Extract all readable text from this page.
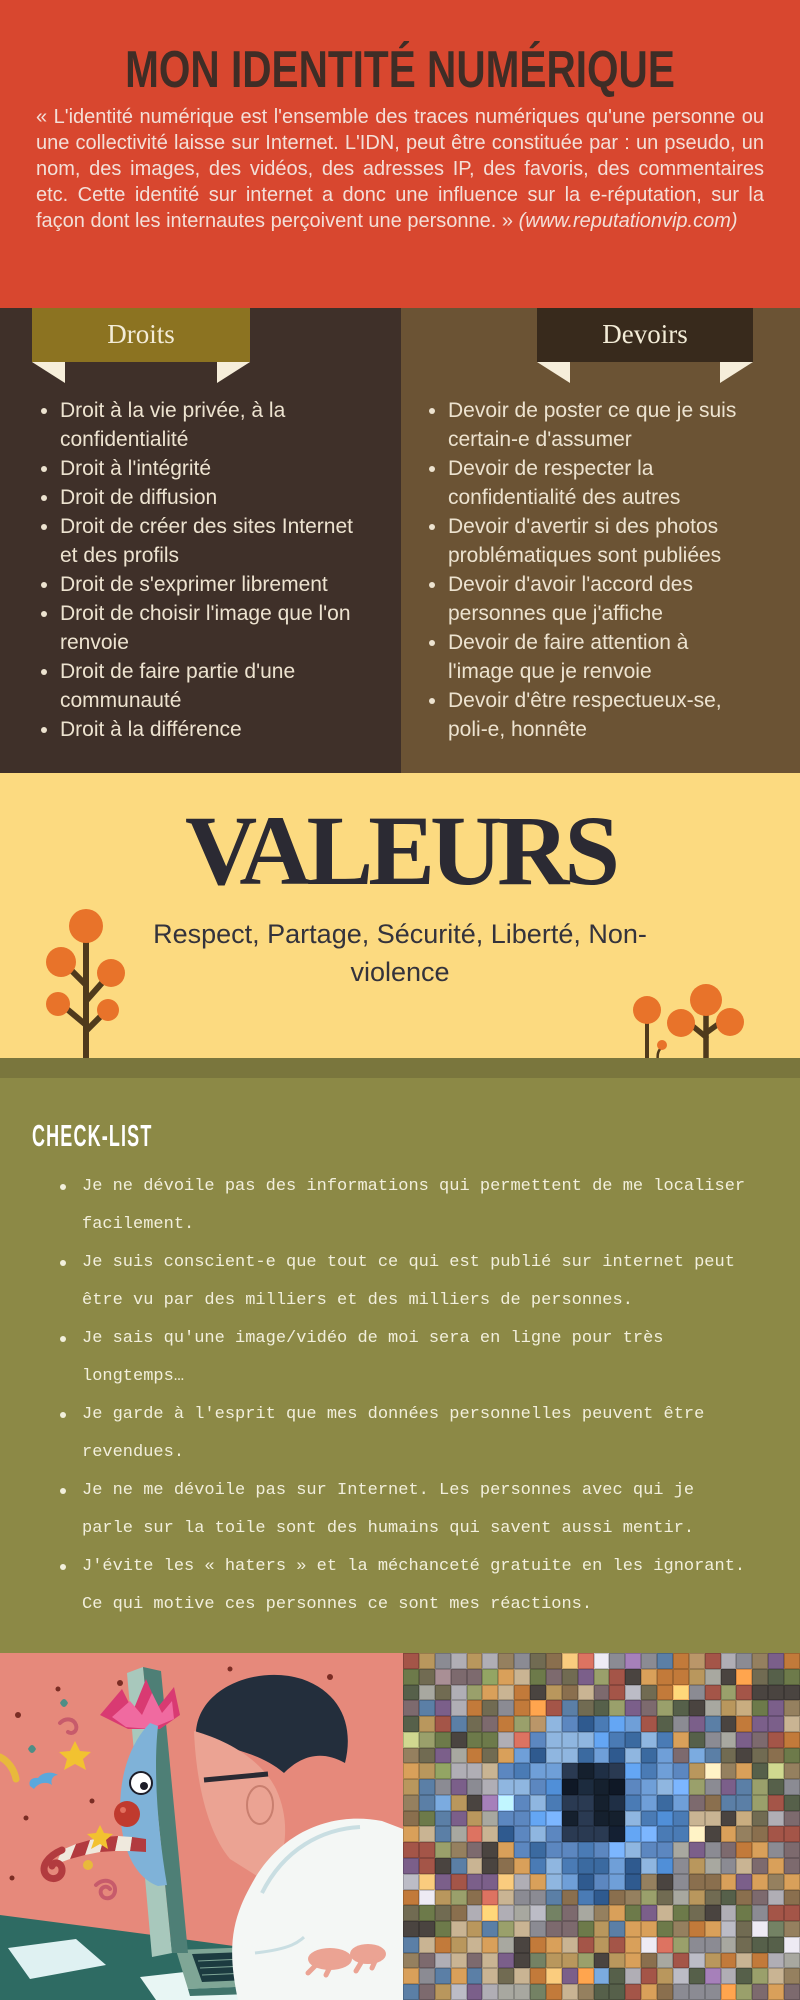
MON IDENTITÉ NUMÉRIQUE

« L'identité numérique est l'ensemble des traces numériques qu'une personne ou une collectivité laisse sur Internet. L'IDN, peut être constituée par : un pseudo, un nom, des images, des vidéos, des adresses IP, des favoris, des commentaires etc. Cette identité sur internet a donc une influence sur la e-réputation, sur la façon dont les internautes perçoivent une personne. » (www.reputationvip.com)

Droits	Devoirs
Droit à la vie privée, à la confidentialité
Droit à l'intégrité
Droit de diffusion
Droit de créer des sites Internet et des profils
Droit de s'exprimer librement
Droit de choisir l'image que l'on renvoie
Droit de faire partie d'une communauté
Droit à la différence
Devoir de poster ce que je suis certain-e d'assumer
Devoir de respecter la confidentialité des autres
Devoir d'avertir si des photos problématiques sont publiées
Devoir d'avoir l'accord des personnes que j'affiche
Devoir de faire attention à l'image que je renvoie
Devoir d'être respectueux-se, poli-e, honnête
VALEURS

Respect, Partage, Sécurité, Liberté, Non-violence

CHECK-LIST
Je ne dévoile pas des informations qui permettent de me localiser facilement.
Je suis conscient-e que tout ce qui est publié sur internet peut être vu par des milliers et des milliers de personnes.
Je sais qu'une image/vidéo de moi sera en ligne pour très longtemps…
Je garde à l'esprit que mes données personnelles peuvent être revendues.
Je ne me dévoile pas sur Internet. Les personnes avec qui je parle sur la toile sont des humains qui savent aussi mentir.
J'évite les « haters » et la méchanceté gratuite en les ignorant. Ce qui motive ces personnes ce sont mes réactions.
